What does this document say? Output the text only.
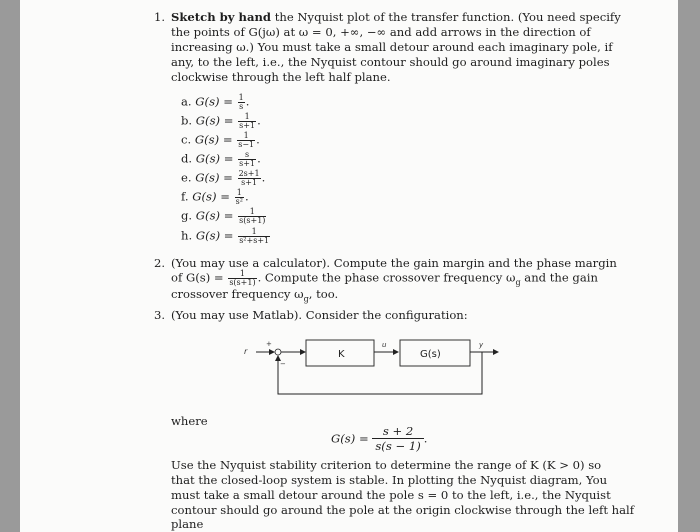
1. Sketch by hand the Nyquist plot of the transfer function. (You need specify
the points of G(jω) at ω = 0, +∞, −∞ and add arrows in the direction of
increasing ω.) You must take a small detour around each imaginary pole, if
any, to the left, i.e., the Nyquist contour should go around imaginary poles
clockwise through the left half plane.
a. $G(s) = \frac{1}{s}$ .
b. $G(s) = \frac{1}{s+1}$ .
c. $G(s) = \frac{1}{s-1}$ .
d. $G(s) = \frac{s}{s+1}$ .
e. $G(s) = \frac{2s+1}{s+1}$ .
f. $G(s) = \frac{1}{\text{s²}}$ .
g. $G(s) = \frac{1}{s(s+1)}$
h. $G(s) = \frac{1}{\text{s²+s+1}}$
2. (You may use a calculator). Compute the gain margin and the phase margin
of $G(s) = \frac{1}{s(s+1)}$ . Compute the phase crossover frequency $\omega_g$ and the gain
crossover frequency $\omega_g$, too.
3. (You may use Matlab). Consider the configuration:
r
+
−
K
u
G(s)
y
where
$G(s) = \frac{s + 2}{s(s - 1)}$ .
Use the Nyquist stability criterion to determine the range of K (K > 0) so
that the closed-loop system is stable. In plotting the Nyquist diagram, You
must take a small detour around the pole s = 0 to the left, i.e., the Nyquist
contour should go around the pole at the origin clockwise through the left half
plane
